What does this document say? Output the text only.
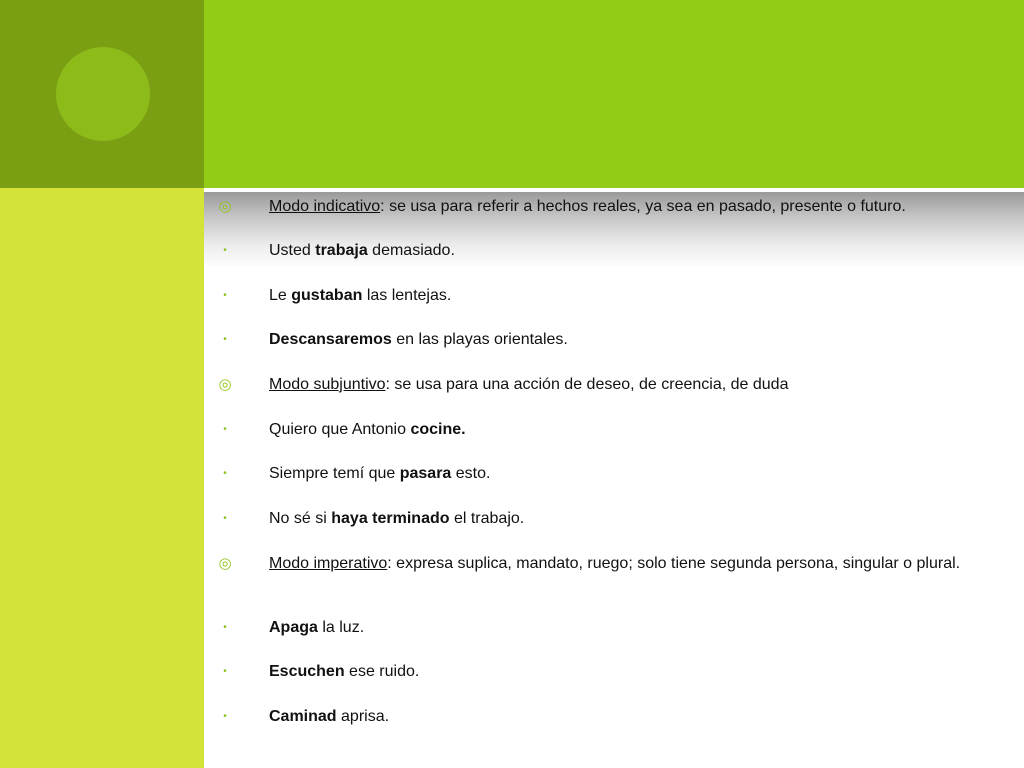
◎ Modo indicativo: se usa para referir a hechos reales, ya sea en pasado, presente o futuro.
•	Usted trabaja demasiado.
•	Le gustaban las lentejas.
•	Descansaremos en las playas orientales.
◎ Modo subjuntivo: se usa para una acción de deseo, de creencia, de duda
•	Quiero que Antonio cocine.
•	Siempre temí que pasara esto.
•	No sé si haya terminado el trabajo.
◎ Modo imperativo: expresa suplica, mandato, ruego; solo tiene segunda persona, singular o plural.
•	Apaga la luz.
•	Escuchen ese ruido.
•	Caminad aprisa.
